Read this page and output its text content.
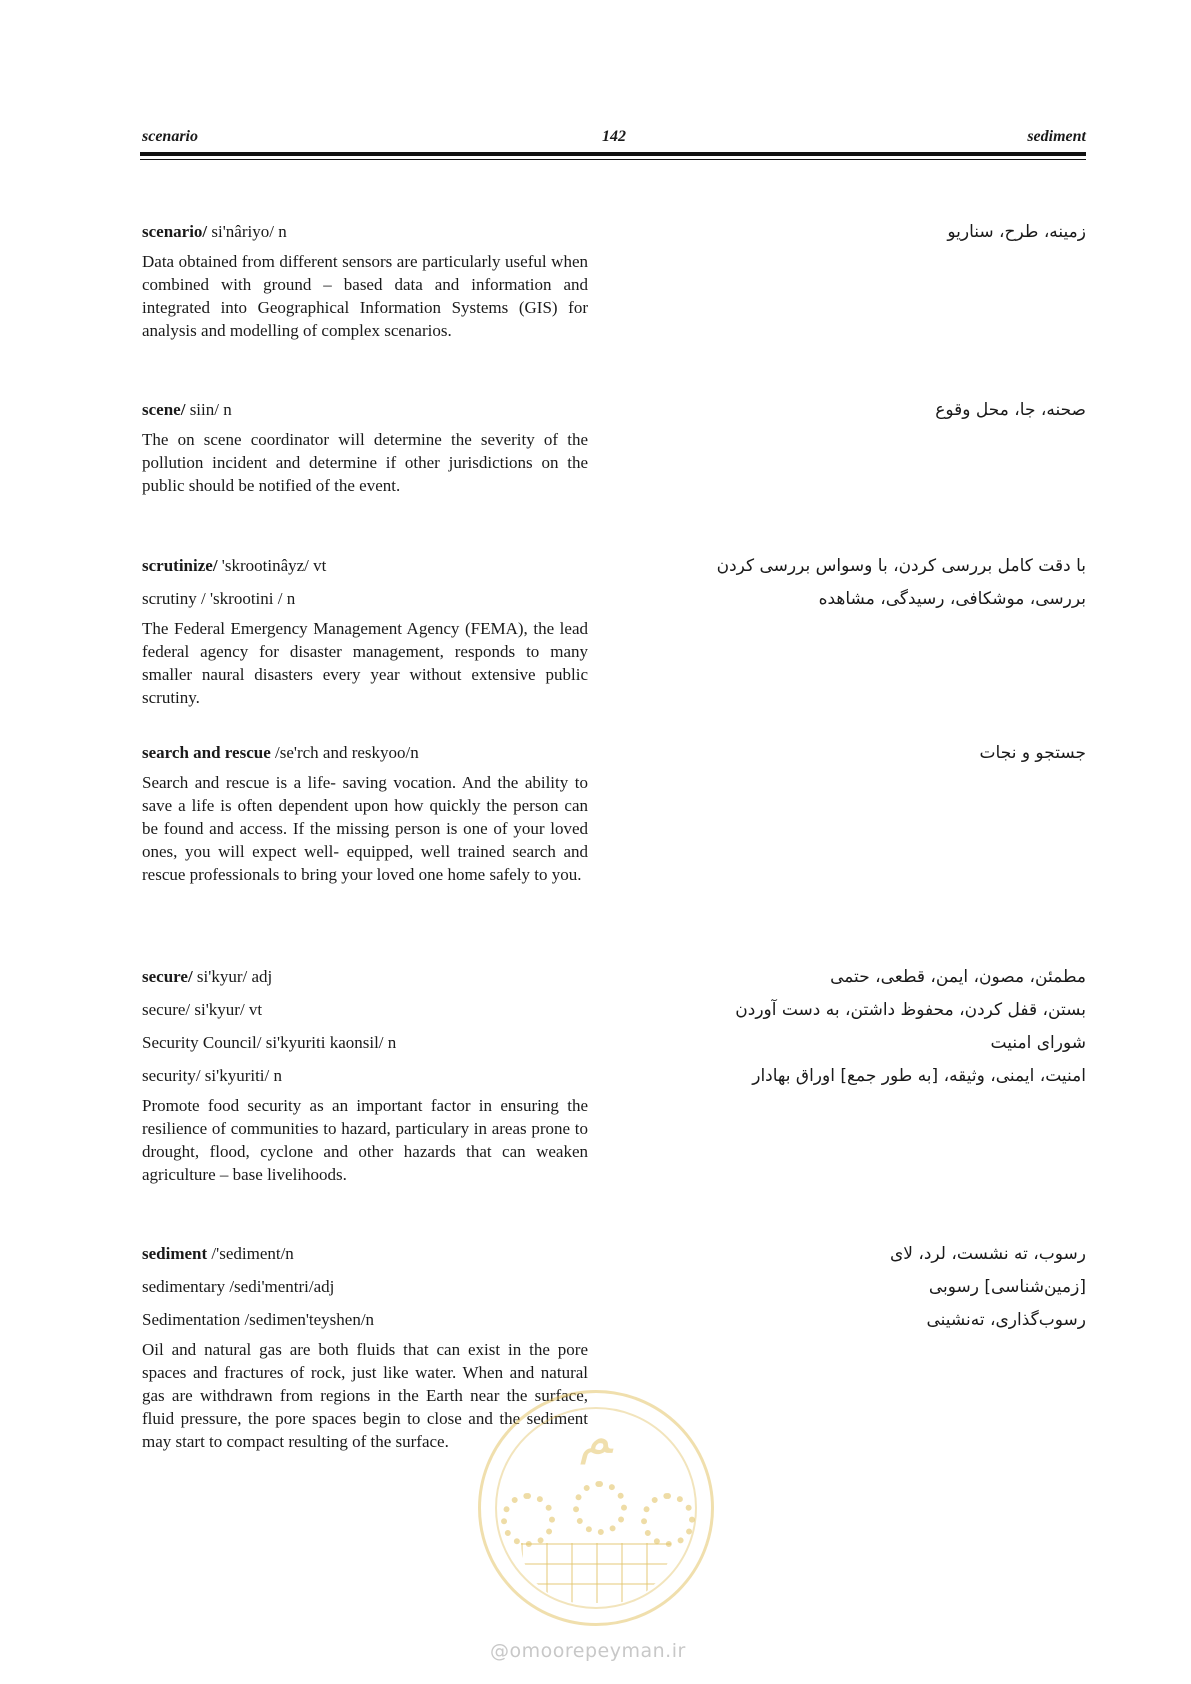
scenario	142	sediment
scenario/ si'nâriyo/ n	زمینه، طرح، سناریو

Data obtained from different sensors are particularly useful when combined with ground – based data and information and integrated into Geographical Information Systems (GIS) for analysis and modelling of complex scenarios.

scene/ siin/ n	صحنه، جا، محل وقوع

The on scene coordinator will determine the severity of the pollution incident and determine if other jurisdictions on the public should be notified of the event.

scrutinize/ 'skrootinâyz/ vt	با دقت کامل بررسی کردن، با وسواس بررسی کردن
scrutiny / 'skrootini / n	بررسی، موشکافی، رسیدگی، مشاهده

The Federal Emergency Management Agency (FEMA), the lead federal agency for disaster management, responds to many smaller naural disasters every year without extensive public scrutiny.

search and rescue /se'rch and reskyoo/n	جستجو و نجات

Search and rescue is a life- saving vocation. And the ability to save a life is often dependent upon how quickly the person can be found and access. If the missing person is one of your loved ones, you will expect well- equipped, well trained search and rescue professionals to bring your loved one home safely to you.

secure/ si'kyur/ adj	مطمئن، مصون، ایمن، قطعی، حتمی
secure/ si'kyur/ vt	بستن، قفل کردن، محفوظ داشتن، به دست آوردن
Security Council/ si'kyuriti kaonsil/ n	شورای امنیت
security/ si'kyuriti/ n	امنیت، ایمنی، وثیقه، [به طور جمع] اوراق بهادار

Promote food security as an important factor in ensuring the resilience of communities to hazard, particulary in areas prone to drought, flood, cyclone and other hazards that can weaken agriculture – base livelihoods.

sediment /'sediment/n	رسوب، ته نشست، لرد، لای
sedimentary /sedi'mentri/adj	[زمین‌شناسی] رسوبی
Sedimentation /sedimen'teyshen/n	رسوب‌گذاری، ته‌نشینی

Oil and natural gas are both fluids that can exist in the pore spaces and fractures of rock, just like water. When and natural gas are withdrawn from regions in the Earth near the surface, fluid pressure, the pore spaces begin to close and the sediment may start to compact resulting of the surface.	ﻢ
@omoorepeyman.ir
